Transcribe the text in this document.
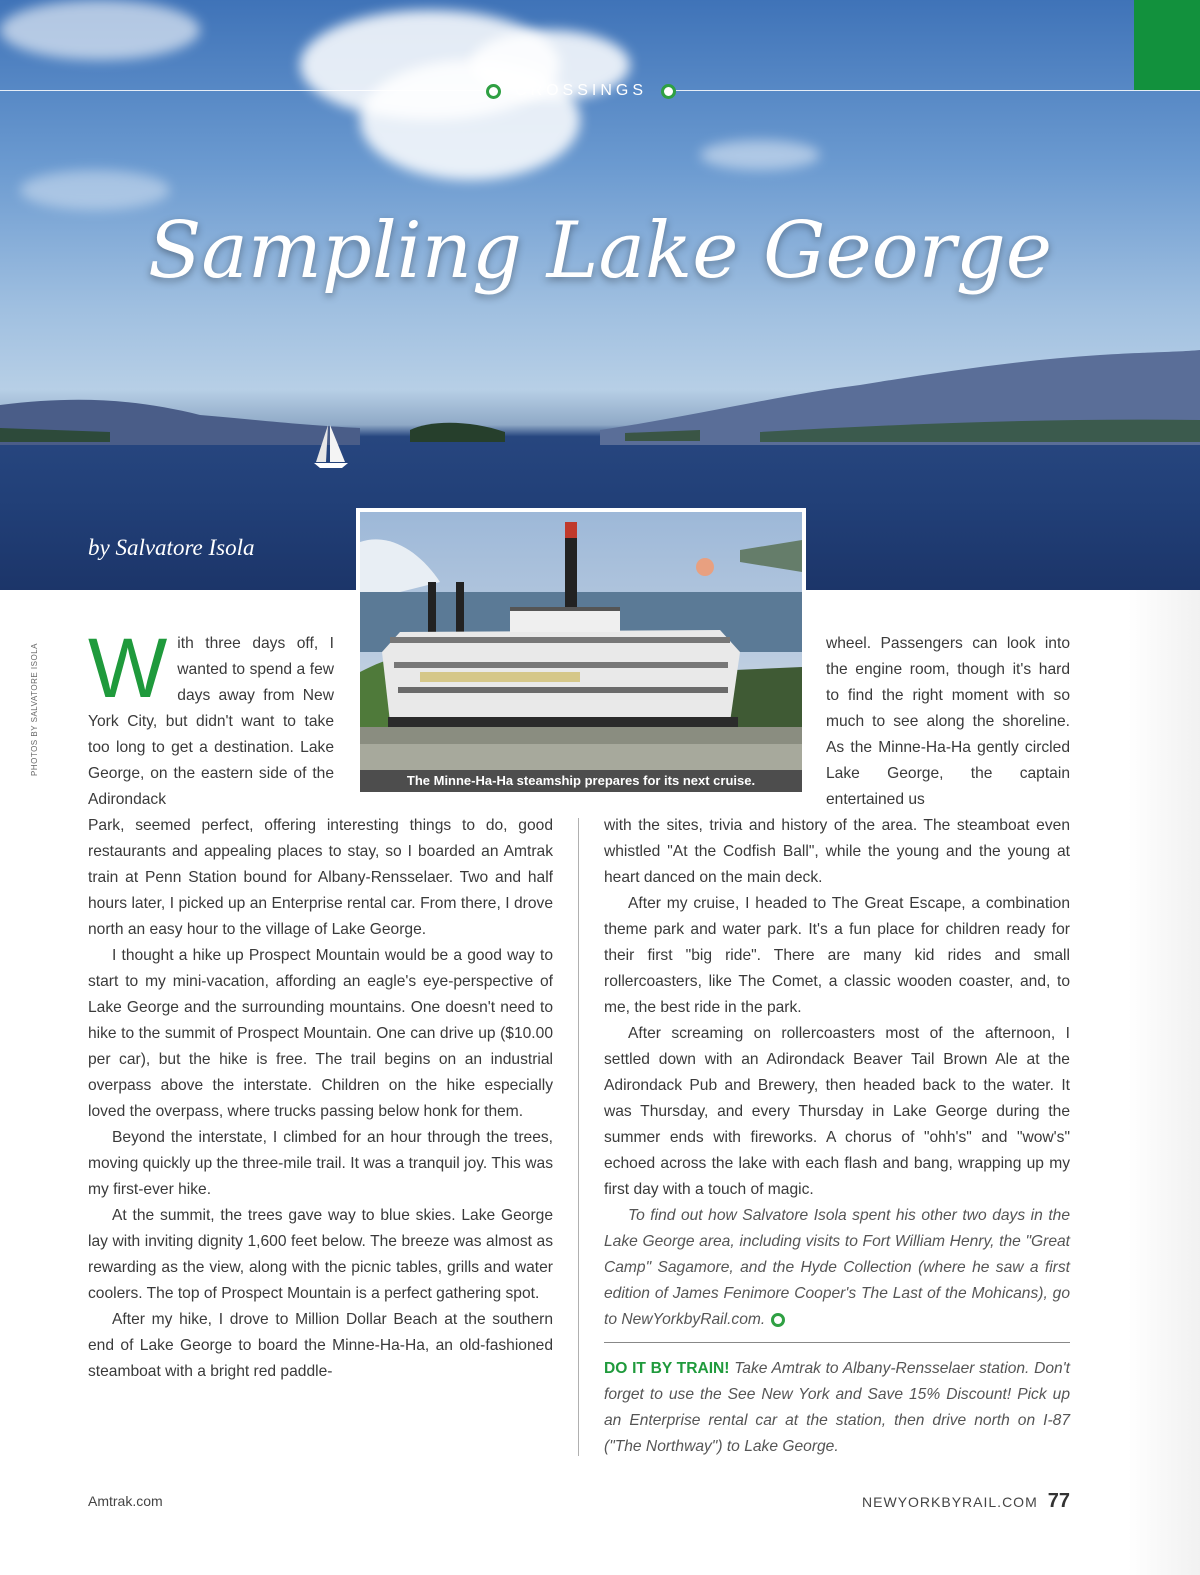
CROSSINGS
Sampling Lake George
by Salvatore Isola
The Minne-Ha-Ha steamship prepares for its next cruise.
PHOTOS BY SALVATORE ISOLA W ith three days off, I wanted to spend a few days away from New York City, but didn't want to take too long to get a destination. Lake George, on the eastern side of the Adirondack

Park, seemed perfect, offering interesting things to do, good restaurants and appealing places to stay, so I boarded an Amtrak train at Penn Station bound for Albany-Rensselaer. Two and half hours later, I picked up an Enterprise rental car. From there, I drove north an easy hour to the village of Lake George.

I thought a hike up Prospect Mountain would be a good way to start to my mini-vacation, affording an eagle's eye-perspective of Lake George and the surrounding mountains. One doesn't need to hike to the summit of Prospect Mountain. One can drive up ($10.00 per car), but the hike is free. The trail begins on an industrial overpass above the interstate. Children on the hike especially loved the overpass, where trucks passing below honk for them.

Beyond the interstate, I climbed for an hour through the trees, moving quickly up the three-mile trail. It was a tranquil joy. This was my first-ever hike.

At the summit, the trees gave way to blue skies. Lake George lay with inviting dignity 1,600 feet below. The breeze was almost as rewarding as the view, along with the picnic tables, grills and water coolers. The top of Prospect Mountain is a perfect gathering spot.

After my hike, I drove to Million Dollar Beach at the southern end of Lake George to board the Minne-Ha-Ha, an old-fashioned steamboat with a bright red paddle-

wheel. Passengers can look into the engine room, though it's hard to find the right moment with so much to see along the shoreline. As the Minne-Ha-Ha gently circled Lake George, the captain entertained us

with the sites, trivia and history of the area. The steamboat even whistled "At the Codfish Ball", while the young and the young at heart danced on the main deck.

After my cruise, I headed to The Great Escape, a combination theme park and water park. It's a fun place for children ready for their first "big ride". There are many kid rides and small rollercoasters, like The Comet, a classic wooden coaster, and, to me, the best ride in the park.

After screaming on rollercoasters most of the afternoon, I settled down with an Adirondack Beaver Tail Brown Ale at the Adirondack Pub and Brewery, then headed back to the water. It was Thursday, and every Thursday in Lake George during the summer ends with fireworks. A chorus of "ohh's" and "wow's" echoed across the lake with each flash and bang, wrapping up my first day with a touch of magic.

To find out how Salvatore Isola spent his other two days in the Lake George area, including visits to Fort William Henry, the "Great Camp" Sagamore, and the Hyde Collection (where he saw a first edition of James Fenimore Cooper's The Last of the Mohicans), go to NewYorkbyRail.com.

DO IT BY TRAIN! Take Amtrak to Albany-Rensselaer station. Don't forget to use the See New York and Save 15% Discount! Pick up an Enterprise rental car at the station, then drive north on I-87 ("The Northway") to Lake George.

Amtrak.com	NEWYORKBYRAIL.COM 77
